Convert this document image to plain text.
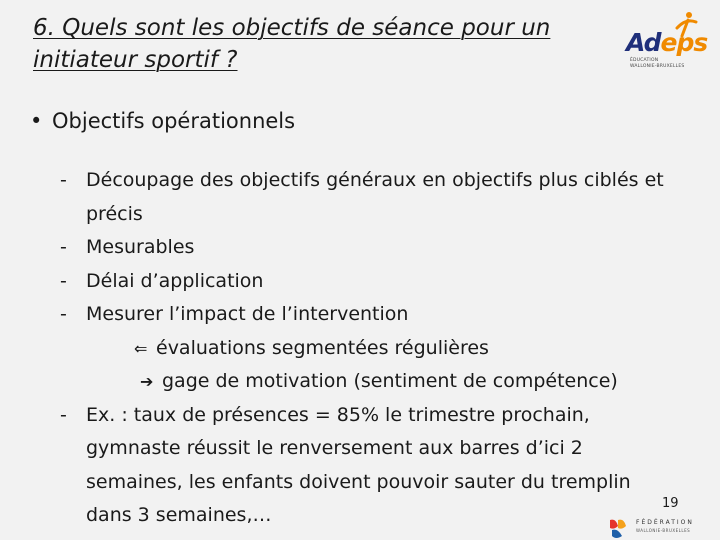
6. Quels sont les objectifs de séance pour un
initiateur sportif ?
Adeps
ÉDUCATION
WALLONIE-BRUXELLES
• Objectifs opérationnels
- Découpage des objectifs généraux en objectifs plus ciblés et
précis
- Mesurables
- Délai d’application
- Mesurer l’impact de l’intervention
⇐ évaluations segmentées régulières
➔ gage de motivation (sentiment de compétence)
- Ex. : taux de présences = 85% le trimestre prochain,
gymnaste réussit le renversement aux barres d’ici 2
semaines, les enfants doivent pouvoir sauter du tremplin
dans 3 semaines,…
19
FÉDÉRATION
WALLONIE-BRUXELLES
